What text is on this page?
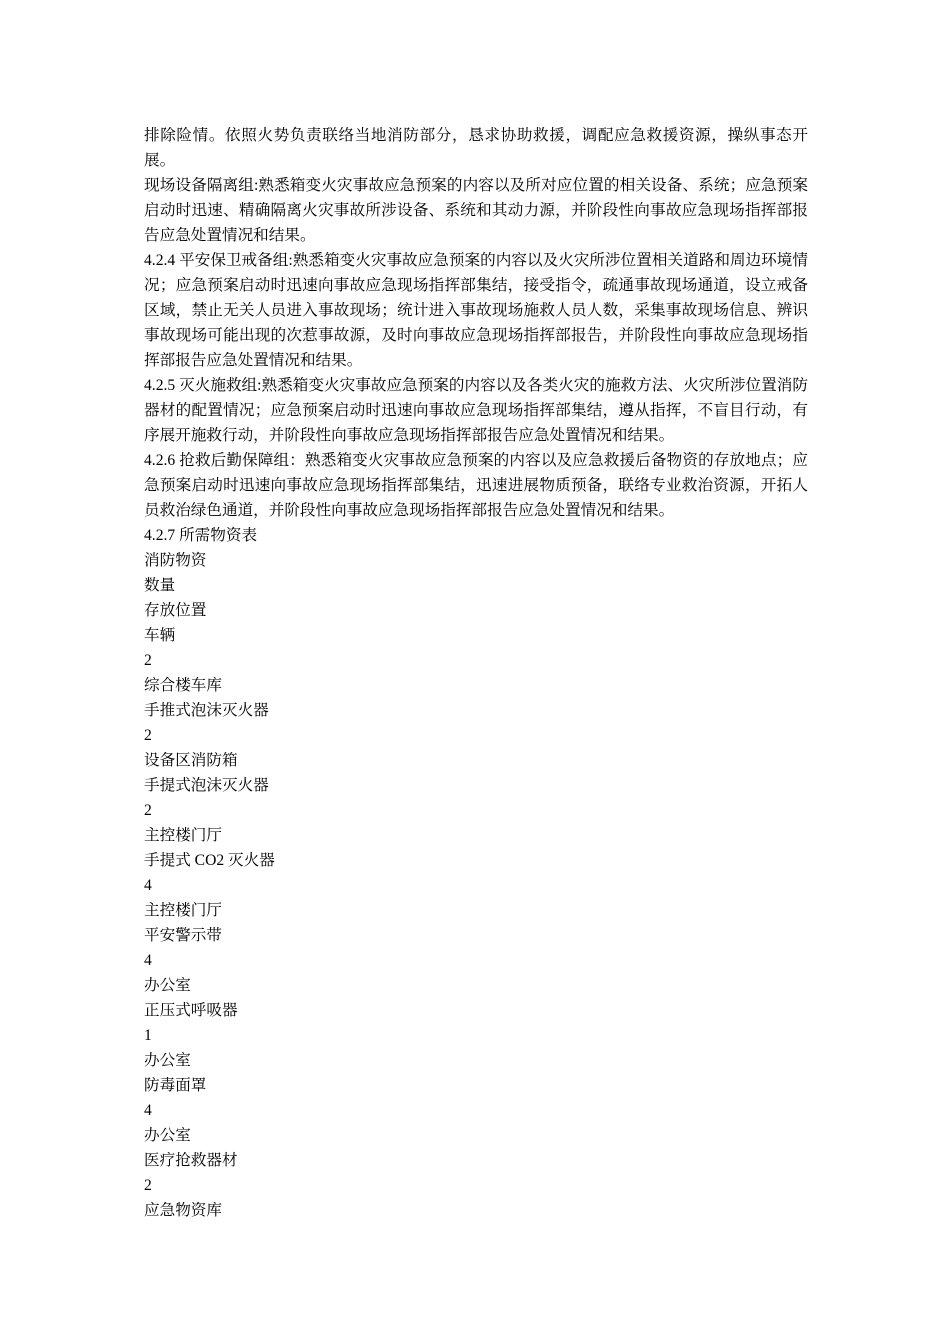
排除险情。依照火势负责联络当地消防部分，恳求协助救援，调配应急救援资源，操纵事态开展。

现场设备隔离组:熟悉箱变火灾事故应急预案的内容以及所对应位置的相关设备、系统；应急预案启动时迅速、精确隔离火灾事故所涉设备、系统和其动力源，并阶段性向事故应急现场指挥部报告应急处置情况和结果。

4.2.4 平安保卫戒备组:熟悉箱变火灾事故应急预案的内容以及火灾所涉位置相关道路和周边环境情况；应急预案启动时迅速向事故应急现场指挥部集结，接受指令，疏通事故现场通道，设立戒备区域，禁止无关人员进入事故现场；统计进入事故现场施救人员人数，采集事故现场信息、辨识事故现场可能出现的次惹事故源，及时向事故应急现场指挥部报告，并阶段性向事故应急现场指挥部报告应急处置情况和结果。

4.2.5 灭火施救组:熟悉箱变火灾事故应急预案的内容以及各类火灾的施救方法、火灾所涉位置消防器材的配置情况；应急预案启动时迅速向事故应急现场指挥部集结，遵从指挥，不盲目行动，有序展开施救行动，并阶段性向事故应急现场指挥部报告应急处置情况和结果。

4.2.6 抢救后勤保障组：熟悉箱变火灾事故应急预案的内容以及应急救援后备物资的存放地点；应急预案启动时迅速向事故应急现场指挥部集结，迅速进展物质预备，联络专业救治资源，开拓人员救治绿色通道，并阶段性向事故应急现场指挥部报告应急处置情况和结果。

4.2.7 所需物资表

消防物资

数量

存放位置

车辆

2

综合楼车库

手推式泡沫灭火器

2

设备区消防箱

手提式泡沫灭火器

2

主控楼门厅

手提式 CO2 灭火器

4

主控楼门厅

平安警示带

4

办公室

正压式呼吸器

1

办公室

防毒面罩

4

办公室

医疗抢救器材

2

应急物资库
